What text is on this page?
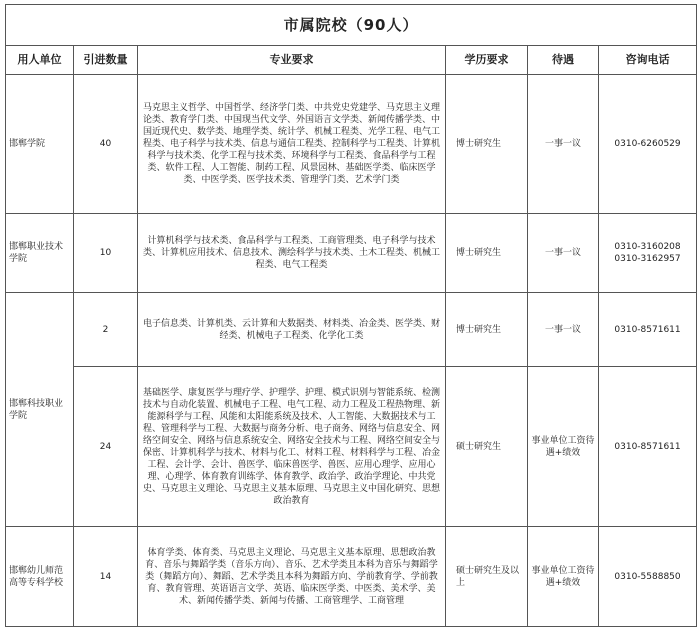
市属院校（90人）					
用人单位	引进数量	专业要求	学历要求	待遇	咨询电话
邯郸学院	40	马克思主义哲学、中国哲学、经济学门类、中共党史党建学、马克思主义理论类、教育学门类、中国现当代文学、外国语言文学类、新闻传播学类、中国近现代史、数学类、地理学类、统计学、机械工程类、光学工程、电气工程类、电子科学与技术类、信息与通信工程类、控制科学与工程类、计算机科学与技术类、化学工程与技术类、环境科学与工程类、食品科学与工程类、软件工程、人工智能、制药工程、风景园林、基础医学类、临床医学类、中医学类、医学技术类、管理学门类、艺术学门类	博士研究生	一事一议	0310-6260529
邯郸职业技术学院	10	计算机科学与技术类、食品科学与工程类、工商管理类、电子科学与技术类、计算机应用技术、信息技术、测绘科学与技术类、土木工程类、机械工程类、电气工程类	博士研究生	一事一议	0310-3160208 0310-3162957
邯郸科技职业学院	2	电子信息类、计算机类、云计算和大数据类、材料类、冶金类、医学类、财经类、机械电子工程类、化学化工类	博士研究生	一事一议	0310-8571611
	24	基础医学、康复医学与理疗学、护理学、护理、模式识别与智能系统、检测技术与自动化装置、机械电子工程、电气工程、动力工程及工程热物理、新能源科学与工程、风能和太阳能系统及技术、人工智能、大数据技术与工程、管理科学与工程、大数据与商务分析、电子商务、网络与信息安全、网络空间安全、网络与信息系统安全、网络安全技术与工程、网络空间安全与保密、计算机科学与技术、材料与化工、材料工程、材料科学与工程、冶金工程、会计学、会计、兽医学、临床兽医学、兽医、应用心理学、应用心理、心理学、体育教育训练学、体育教学、政治学、政治学理论、中共党史、马克思主义理论、马克思主义基本原理、马克思主义中国化研究、思想政治教育	硕士研究生	事业单位工资待遇+绩效	0310-8571611
邯郸幼儿师范高等专科学校	14	体育学类、体育类、马克思主义理论、马克思主义基本原理、思想政治教育、音乐与舞蹈学类（音乐方向）、音乐、艺术学类且本科为音乐与舞蹈学类（舞蹈方向）、舞蹈、艺术学类且本科为舞蹈方向、学前教育学、学前教育、教育管理、英语语言文学、英语、临床医学类、中医类、美术学、美术、新闻传播学类、新闻与传播、工商管理学、工商管理	硕士研究生及以上	事业单位工资待遇+绩效	0310-5588850
